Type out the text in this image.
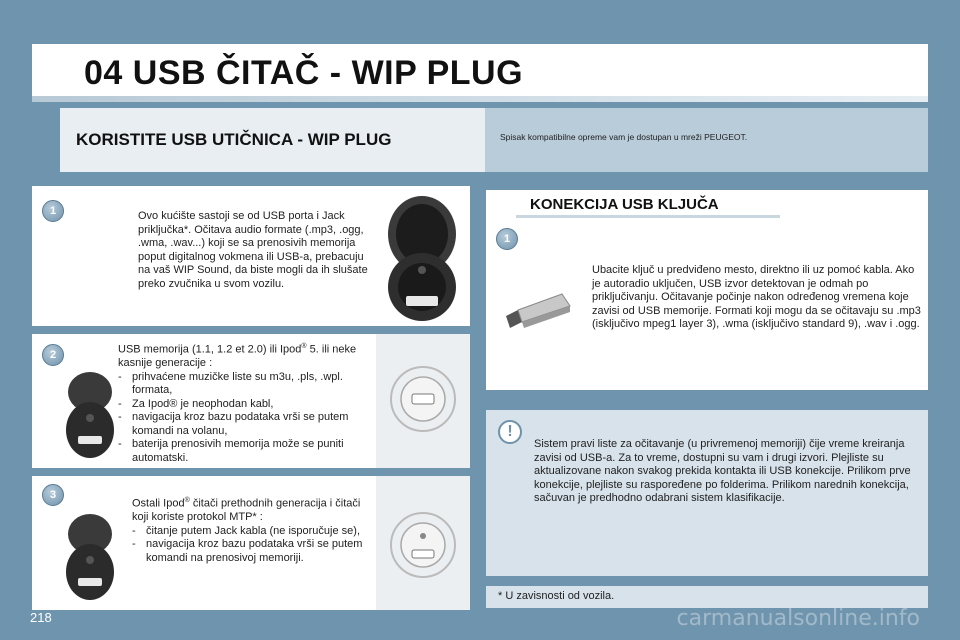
04 USB ČITAČ - WIP PLUG
KORISTITE USB UTIČNICA - WIP PLUG	Spisak kompatibilne opreme vam je dostupan u mreži PEUGEOT.
1	Ovo kućište sastoji se od USB porta i Jack priključka*. Očitava audio formate (.mp3, .ogg, .wma, .wav...) koji se sa prenosivih memorija poput digitalnog vokmena ili USB-a, prebacuju na vaš WIP Sound, da biste mogli da ih slušate preko zvučnika u svom vozilu.
2	USB memorija (1.1, 1.2 et 2.0) ili Ipod® 5. ili neke kasnije generacije :
- prihvaćene muzičke liste su m3u, .pls, .wpl. formata,
- Za Ipod® je neophodan kabl,
- navigacija kroz bazu podataka vrši se putem komandi na volanu,
- baterija prenosivih memorija može se puniti automatski.
3
Ostali Ipod® čitači prethodnih generacija i čitači koji koriste protokol MTP* :
- čitanje putem Jack kabla (ne isporučuje se),
- navigacija kroz bazu podataka vrši se putem komandi na prenosivoj memoriji.
1
Ubacite ključ u predviđeno mesto, direktno ili uz pomoć kabla. Ako je autoradio uključen, USB izvor detektovan je odmah po priključivanju. Očitavanje počinje nakon određenog vremena koje zavisi od USB memorije. Formati koji mogu da se očitavaju su .mp3 (isključivo mpeg1 layer 3), .wma (isključivo standard 9), .wav i .ogg.
KONEKCIJA USB KLJUČA
Sistem pravi liste za očitavanje (u privremenoj memoriji) čije vreme kreiranja zavisi od USB-a. Za to vreme, dostupni su vam i drugi izvori. Plejliste su aktualizovane nakon svakog prekida kontakta ili USB konekcije. Prilikom prve konekcije, plejliste su raspoređene po folderima. Prilikom narednih konekcija, sačuvan je predhodno odabrani sistem klasifikacije.
!
* U zavisnosti od vozila.
218	carmanualsonline.info
